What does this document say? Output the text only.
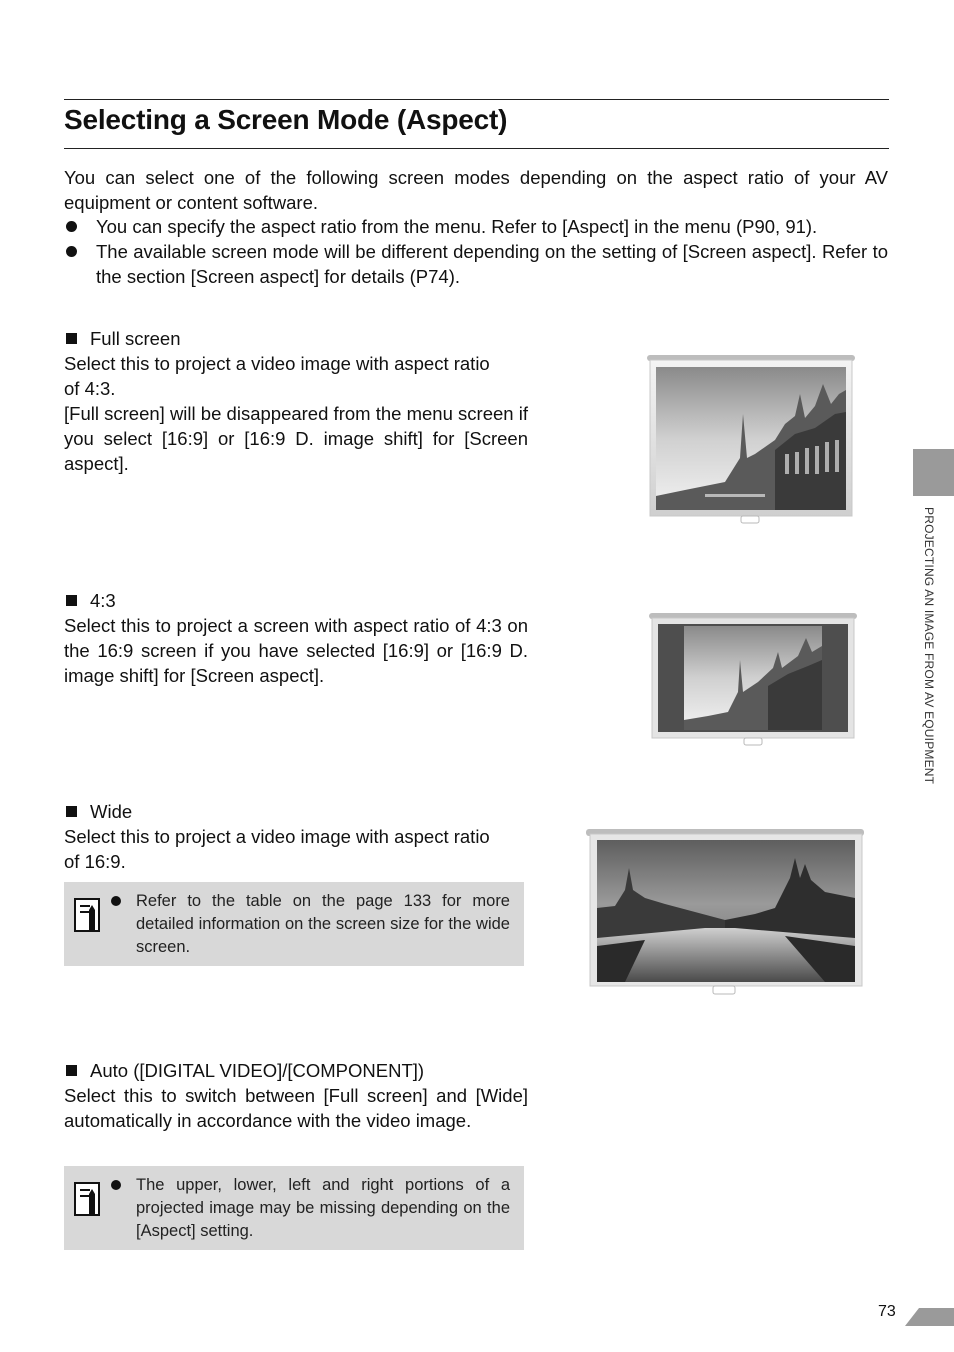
Selecting a Screen Mode (Aspect)

You can select one of the following screen modes depending on the aspect ratio of your AV equipment or content software.

You can specify the aspect ratio from the menu. Refer to [Aspect] in the menu (P90, 91).
The available screen mode will be different depending on the setting of [Screen aspect]. Refer to the section [Screen aspect] for details (P74).

Full screen

Select this to project a video image with aspect ratio of 4:3.

[Full screen] will be disappeared from the menu screen if you select [16:9] or [16:9 D. image shift] for [Screen aspect].

4:3

Select this to project a screen with aspect ratio of 4:3 on the 16:9 screen if you have selected [16:9] or [16:9 D. image shift] for [Screen aspect].

Wide

Select this to project a video image with aspect ratio of 16:9.

Refer to the table on the page 133 for more detailed information on the screen size for the wide screen.

Auto ([DIGITAL VIDEO]/[COMPONENT])

Select this to switch between [Full screen] and [Wide] automatically in accordance with the video image.

The upper, lower, left and right portions of a projected image may be missing depending on the [Aspect] setting.
PROJECTING AN IMAGE FROM AV EQUIPMENT
73
